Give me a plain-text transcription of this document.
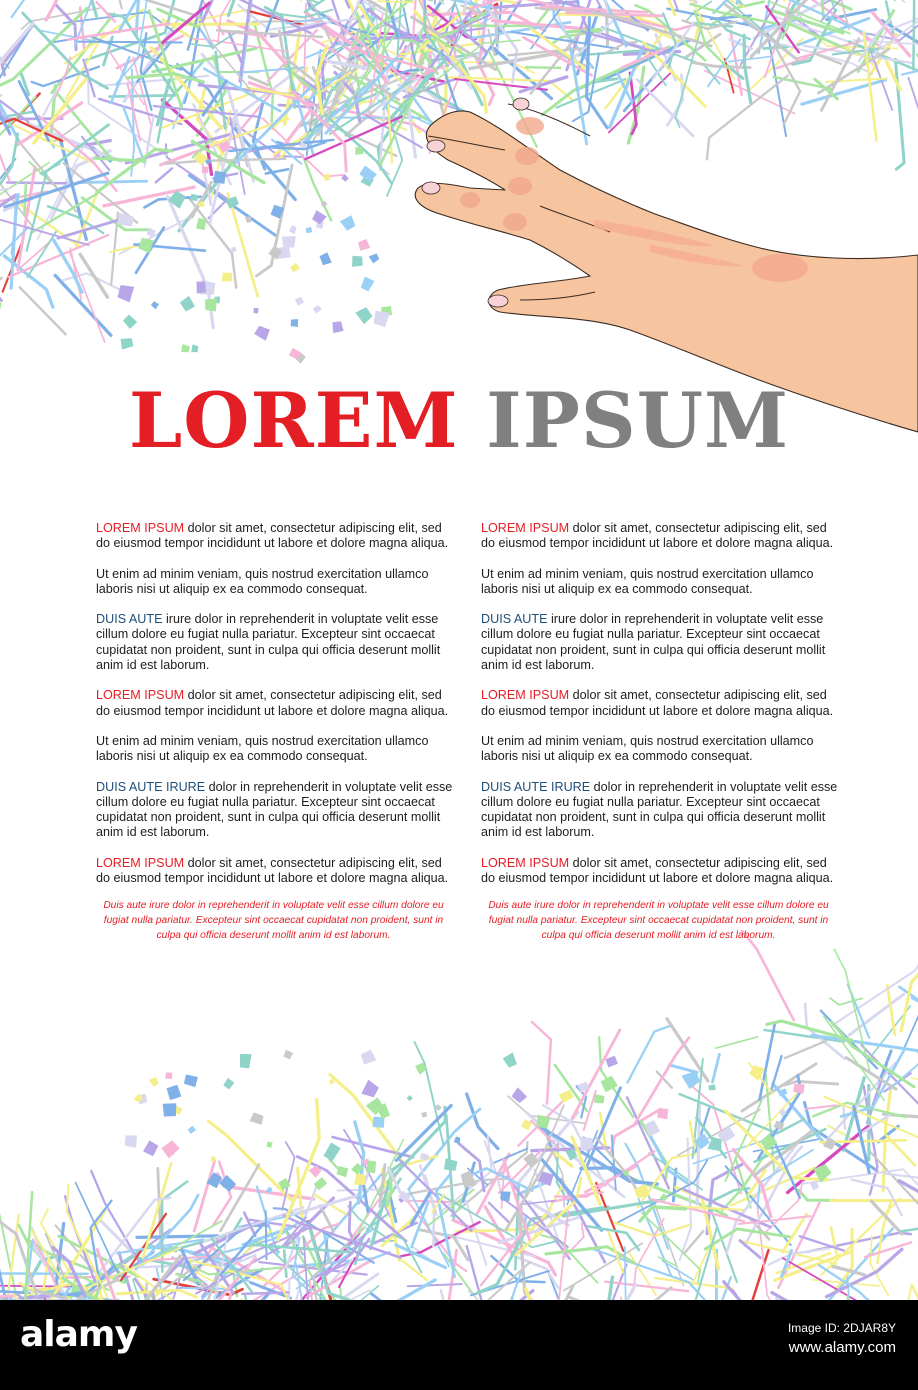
LOREM IPSUM

LOREM IPSUM dolor sit amet, consectetur adipiscing elit, sed do eiusmod tempor incididunt ut labore et dolore magna aliqua.

Ut enim ad minim veniam, quis nostrud exercitation ullamco laboris nisi ut aliquip ex ea commodo consequat.

DUIS AUTE irure dolor in reprehenderit in voluptate velit esse cillum dolore eu fugiat nulla pariatur. Excepteur sint occaecat cupidatat non proident, sunt in culpa qui officia deserunt mollit anim id est laborum.

LOREM IPSUM dolor sit amet, consectetur adipiscing elit, sed do eiusmod tempor incididunt ut labore et dolore magna aliqua.

Ut enim ad minim veniam, quis nostrud exercitation ullamco laboris nisi ut aliquip ex ea commodo consequat.

DUIS AUTE IRURE dolor in reprehenderit in voluptate velit esse cillum dolore eu fugiat nulla pariatur. Excepteur sint occaecat cupidatat non proident, sunt in culpa qui officia deserunt mollit anim id est laborum.

LOREM IPSUM dolor sit amet, consectetur adipiscing elit, sed do eiusmod tempor incididunt ut labore et dolore magna aliqua.

Duis aute irure dolor in reprehenderit in voluptate velit esse cillum dolore eu fugiat nulla pariatur. Excepteur sint occaecat cupidatat non proident, sunt in culpa qui officia deserunt mollit anim id est laborum.

LOREM IPSUM dolor sit amet, consectetur adipiscing elit, sed do eiusmod tempor incididunt ut labore et dolore magna aliqua.

Ut enim ad minim veniam, quis nostrud exercitation ullamco laboris nisi ut aliquip ex ea commodo consequat.

DUIS AUTE irure dolor in reprehenderit in voluptate velit esse cillum dolore eu fugiat nulla pariatur. Excepteur sint occaecat cupidatat non proident, sunt in culpa qui officia deserunt mollit anim id est laborum.

LOREM IPSUM dolor sit amet, consectetur adipiscing elit, sed do eiusmod tempor incididunt ut labore et dolore magna aliqua.

Ut enim ad minim veniam, quis nostrud exercitation ullamco laboris nisi ut aliquip ex ea commodo consequat.

DUIS AUTE IRURE dolor in reprehenderit in voluptate velit esse cillum dolore eu fugiat nulla pariatur. Excepteur sint occaecat cupidatat non proident, sunt in culpa qui officia deserunt mollit anim id est laborum.

LOREM IPSUM dolor sit amet, consectetur adipiscing elit, sed do eiusmod tempor incididunt ut labore et dolore magna aliqua.

Duis aute irure dolor in reprehenderit in voluptate velit esse cillum dolore eu fugiat nulla pariatur. Excepteur sint occaecat cupidatat non proident, sunt in culpa qui officia deserunt mollit anim id est laborum.

alamy	Image ID: 2DJAR8Y
www.alamy.com
